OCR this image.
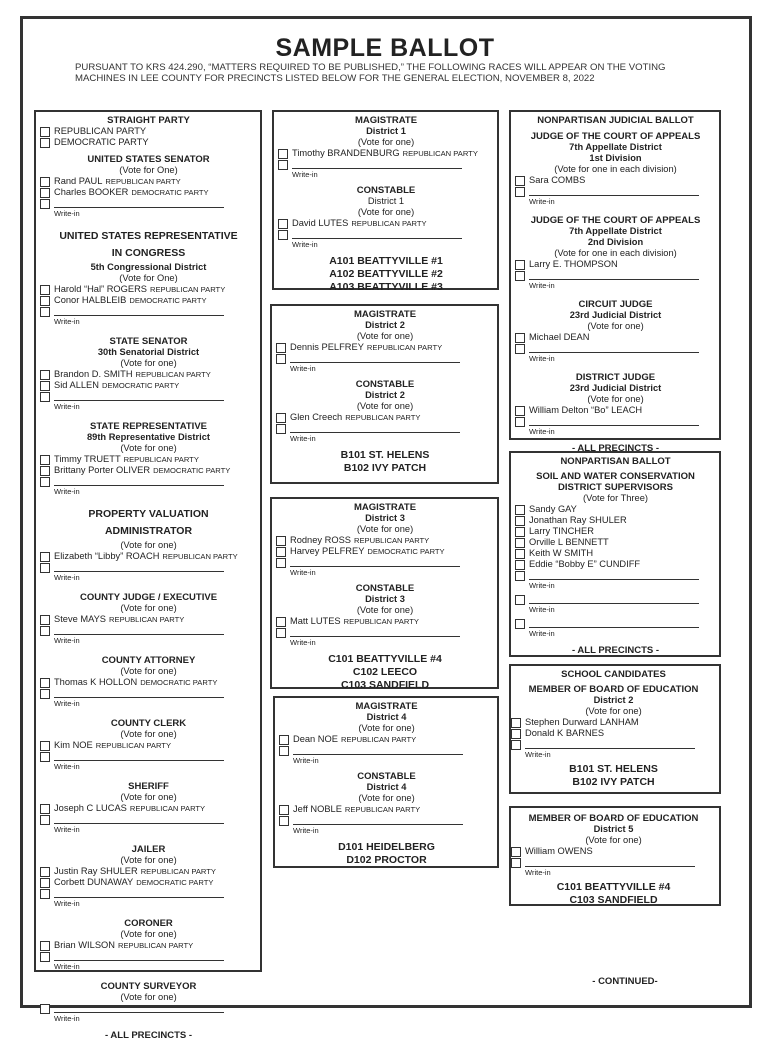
SAMPLE BALLOT
PURSUANT TO KRS 424.290, “MATTERS REQUIRED TO BE PUBLISHED,” THE FOLLOWING RACES WILL APPEAR ON THE VOTING MACHINES IN LEE COUNTY FOR PRECINCTS LISTED BELOW FOR THE GENERAL ELECTION, NOVEMBER 8, 2022
STRAIGHT PARTY
REPUBLICAN PARTY
DEMOCRATIC PARTY
UNITED STATES SENATOR
(Vote for One)
Rand PAUL REPUBLICAN PARTY
Charles BOOKER DEMOCRATIC PARTY
Write-in
UNITED STATES REPRESENTATIVE
IN CONGRESS
5th Congressional District
(Vote for One)
Harold “Hal” ROGERS REPUBLICAN PARTY
Conor HALBLEIB DEMOCRATIC PARTY
Write-in
STATE SENATOR
30th Senatorial District
(Vote for one)
Brandon D. SMITH REPUBLICAN PARTY
Sid ALLEN DEMOCRATIC PARTY
Write-in
STATE REPRESENTATIVE
89th Representative District
(Vote for one)
Timmy TRUETT REPUBLICAN PARTY
Brittany Porter OLIVER DEMOCRATIC PARTY
Write-in
PROPERTY VALUATION
ADMINISTRATOR
(Vote for one)
Elizabeth “Libby” ROACH REPUBLICAN PARTY
Write-in
COUNTY JUDGE / EXECUTIVE
(Vote for one)
Steve MAYS REPUBLICAN PARTY
Write-in
COUNTY ATTORNEY
(Vote for one)
Thomas K HOLLON DEMOCRATIC PARTY
Write-in
COUNTY CLERK
(Vote for one)
Kim NOE REPUBLICAN PARTY
Write-in
SHERIFF
(Vote for one)
Joseph C LUCAS REPUBLICAN PARTY
Write-in
JAILER
(Vote for one)
Justin Ray SHULER REPUBLICAN PARTY
Corbett DUNAWAY DEMOCRATIC PARTY
Write-in
CORONER
(Vote for one)
Brian WILSON REPUBLICAN PARTY
Write-in
COUNTY SURVEYOR
(Vote for one)
Write-in
- ALL PRECINCTS -
MAGISTRATE
District 1
(Vote for one)
Timothy BRANDENBURG REPUBLICAN PARTY
Write-in
CONSTABLE
District 1
(Vote for one)
David LUTES REPUBLICAN PARTY
Write-in
A101 BEATTYVILLE #1
A102 BEATTYVILLE #2
A103 BEATTYVILLE #3
MAGISTRATE
District 2
(Vote for one)
Dennis PELFREY REPUBLICAN PARTY
Write-in
CONSTABLE
District 2
(Vote for one)
Glen Creech REPUBLICAN PARTY
Write-in
B101 ST. HELENS
B102 IVY PATCH
MAGISTRATE
District 3
(Vote for one)
Rodney ROSS REPUBLICAN PARTY
Harvey PELFREY DEMOCRATIC PARTY
Write-in
CONSTABLE
District 3
(Vote for one)
Matt LUTES REPUBLICAN PARTY
Write-in
C101 BEATTYVILLE #4
C102 LEECO
C103 SANDFIELD
MAGISTRATE
District 4
(Vote for one)
Dean NOE REPUBLICAN PARTY
Write-in
CONSTABLE
District 4
(Vote for one)
Jeff NOBLE REPUBLICAN PARTY
Write-in
D101 HEIDELBERG
D102 PROCTOR
NONPARTISAN JUDICIAL BALLOT
JUDGE OF THE COURT OF APPEALS
7th Appellate District
1st Division
(Vote for one in each division)
Sara COMBS
Write-in
JUDGE OF THE COURT OF APPEALS
7th Appellate District
2nd Division
(Vote for one in each division)
Larry E. THOMPSON
Write-in
CIRCUIT JUDGE
23rd Judicial District
(Vote for one)
Michael DEAN
Write-in
DISTRICT JUDGE
23rd Judicial District
(Vote for one)
William Delton “Bo” LEACH
Write-in
- ALL PRECINCTS -
NONPARTISAN BALLOT
SOIL AND WATER CONSERVATION
DISTRICT SUPERVISORS
(Vote for Three)
Sandy GAY
Jonathan Ray SHULER
Larry TINCHER
Orville L BENNETT
Keith W SMITH
Eddie “Bobby E” CUNDIFF
Write-in
Write-in
Write-in
- ALL PRECINCTS -
SCHOOL CANDIDATES
MEMBER OF BOARD OF EDUCATION
District 2
(Vote for one)
Stephen Durward LANHAM
Donald K BARNES
Write-in
B101 ST. HELENS
B102 IVY PATCH
MEMBER OF BOARD OF EDUCATION
District 5
(Vote for one)
William OWENS
Write-in
C101 BEATTYVILLE #4
C103 SANDFIELD
- CONTINUED-
